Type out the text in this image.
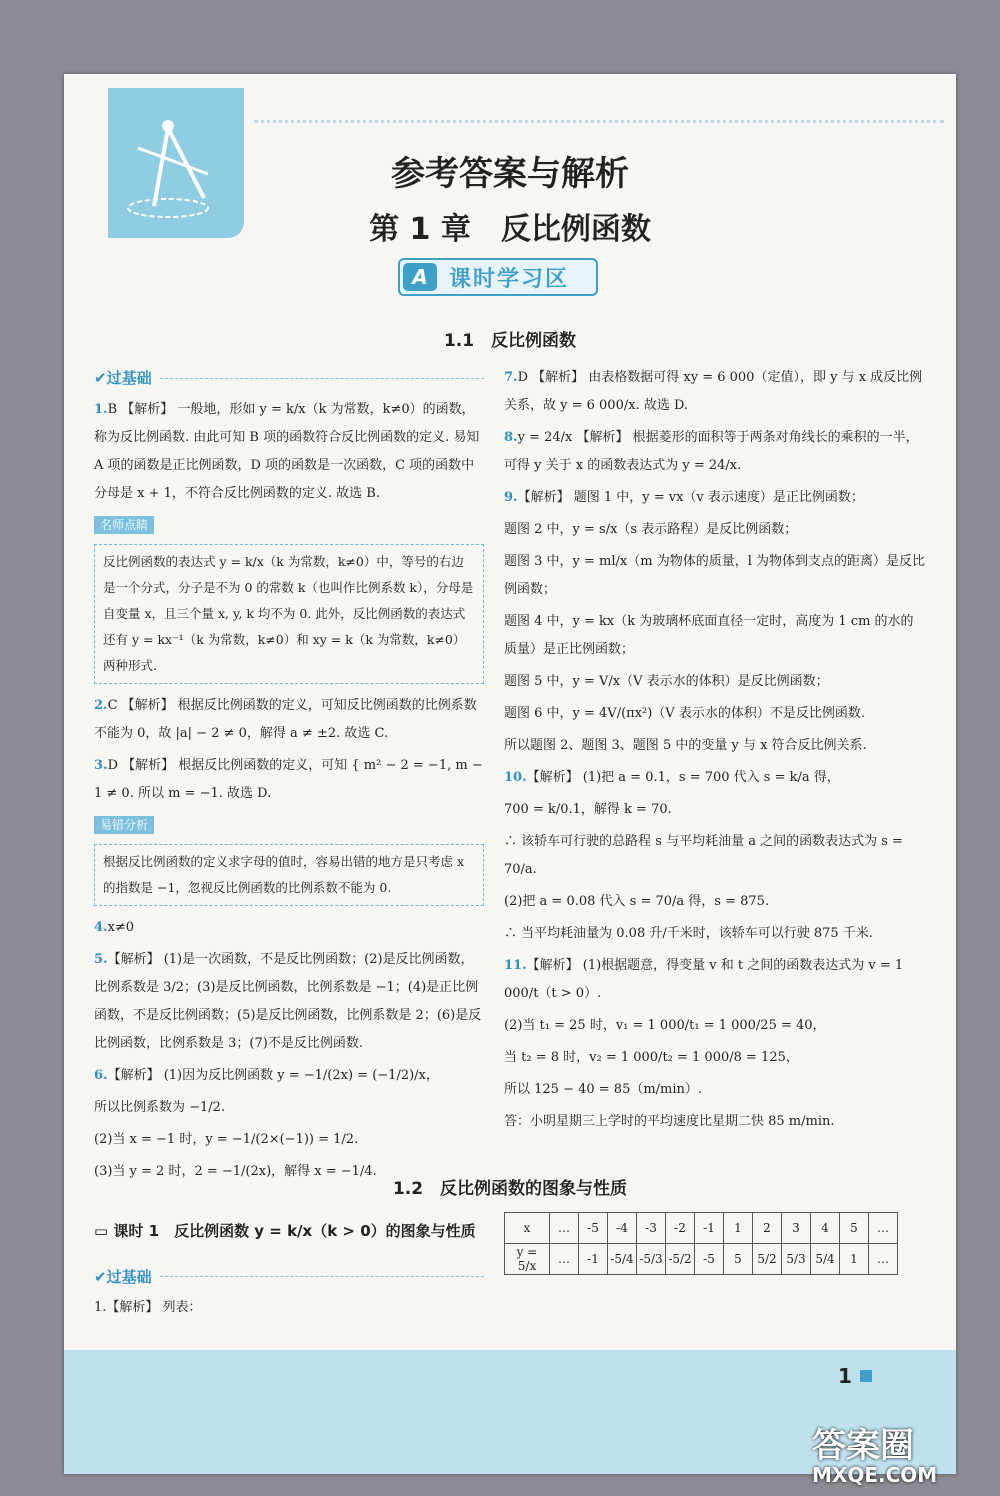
参考答案与解析
第 1 章　反比例函数
A 课时学习区
1.1　反比例函数
✔ 过基础

1.B 【解析】 一般地，形如 y = k/x（k 为常数，k≠0）的函数，称为反比例函数. 由此可知 B 项的函数符合反比例函数的定义. 易知 A 项的函数是正比例函数，D 项的函数是一次函数，C 项的函数中分母是 x + 1，不符合反比例函数的定义. 故选 B.

名师点睛
反比例函数的表达式 y = k/x（k 为常数，k≠0）中，等号的右边是一个分式，分子是不为 0 的常数 k（也叫作比例系数 k），分母是自变量 x，且三个量 x, y, k 均不为 0. 此外，反比例函数的表达式还有 y = kx⁻¹（k 为常数，k≠0）和 xy = k（k 为常数，k≠0）两种形式.

2.C 【解析】 根据反比例函数的定义，可知反比例函数的比例系数不能为 0，故 |a| − 2 ≠ 0，解得 a ≠ ±2. 故选 C.

3.D 【解析】 根据反比例函数的定义，可知 { m² − 2 = −1, m − 1 ≠ 0. 所以 m = −1. 故选 D.

易错分析
根据反比例函数的定义求字母的值时，容易出错的地方是只考虑 x 的指数是 −1，忽视反比例函数的比例系数不能为 0.

4.x≠0

5.【解析】 (1)是一次函数，不是反比例函数；(2)是反比例函数，比例系数是 3/2；(3)是反比例函数，比例系数是 −1；(4)是正比例函数，不是反比例函数；(5)是反比例函数，比例系数是 2；(6)是反比例函数，比例系数是 3；(7)不是反比例函数.

6.【解析】 (1)因为反比例函数 y = −1/(2x) = (−1/2)/x，

所以比例系数为 −1/2.

(2)当 x = −1 时，y = −1/(2×(−1)) = 1/2.

(3)当 y = 2 时，2 = −1/(2x)，解得 x = −1/4.

7.D 【解析】 由表格数据可得 xy = 6 000（定值），即 y 与 x 成反比例关系，故 y = 6 000/x. 故选 D.

8.y = 24/x 【解析】 根据菱形的面积等于两条对角线长的乘积的一半，可得 y 关于 x 的函数表达式为 y = 24/x.

9.【解析】 题图 1 中，y = vx（v 表示速度）是正比例函数；

题图 2 中，y = s/x（s 表示路程）是反比例函数；

题图 3 中，y = ml/x（m 为物体的质量，l 为物体到支点的距离）是反比例函数；

题图 4 中，y = kx（k 为玻璃杯底面直径一定时，高度为 1 cm 的水的质量）是正比例函数；

题图 5 中，y = V/x（V 表示水的体积）是反比例函数；

题图 6 中，y = 4V/(πx²)（V 表示水的体积）不是反比例函数.

所以题图 2、题图 3、题图 5 中的变量 y 与 x 符合反比例关系.

10.【解析】 (1)把 a = 0.1，s = 700 代入 s = k/a 得，

700 = k/0.1，解得 k = 70.

∴ 该轿车可行驶的总路程 s 与平均耗油量 a 之间的函数表达式为 s = 70/a.

(2)把 a = 0.08 代入 s = 70/a 得，s = 875.

∴ 当平均耗油量为 0.08 升/千米时，该轿车可以行驶 875 千米.

11.【解析】 (1)根据题意，得变量 v 和 t 之间的函数表达式为 v = 1 000/t（t > 0）.

(2)当 t₁ = 25 时，v₁ = 1 000/t₁ = 1 000/25 = 40，

当 t₂ = 8 时，v₂ = 1 000/t₂ = 1 000/8 = 125，

所以 125 − 40 = 85（m/min）.

答：小明星期三上学时的平均速度比星期二快 85 m/min.

1.2　反比例函数的图象与性质
▭ 课时 1　反比例函数 y = k/x（k > 0）的图象与性质
✔ 过基础
1.【解析】 列表：
x	…	-5	-4	-3	-2	-1	1	2	3	4	5	…
y = 5/x	…	-1	-5/4	-5/3	-5/2	-5	5	5/2	5/3	5/4	1	…
1
答案圈
MXQE.COM
